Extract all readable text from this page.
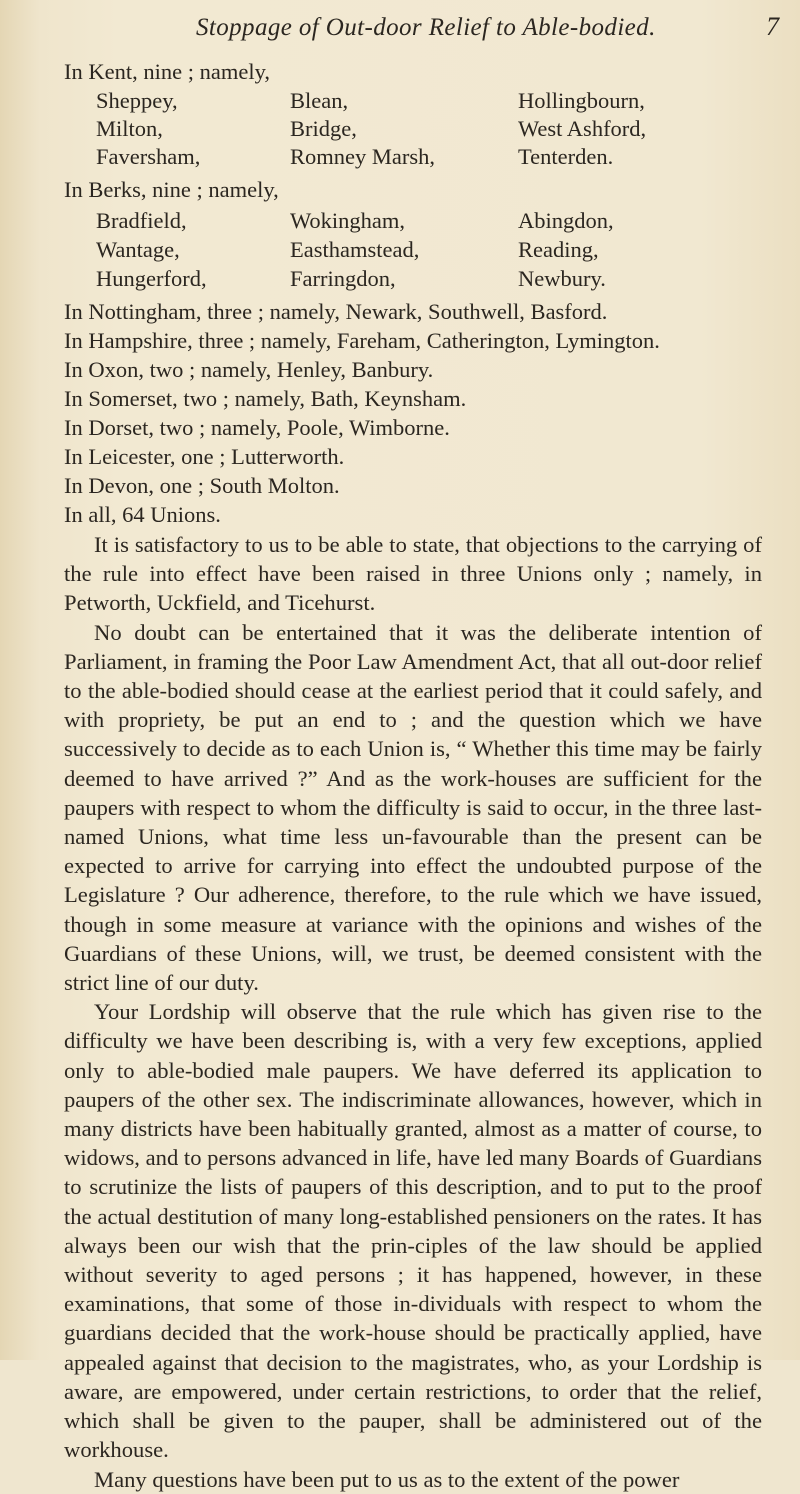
Stoppage of Out-door Relief to Able-bodied.	7
In Kent, nine ; namely,
Sheppey,	Blean,	Hollingbourn,
Milton,	Bridge,	West Ashford,
Faversham,	Romney Marsh,	Tenterden.
In Berks, nine ; namely,
Bradfield,	Wokingham,	Abingdon,
Wantage,	Easthamstead,	Reading,
Hungerford,	Farringdon,	Newbury.
In Nottingham, three ; namely, Newark, Southwell, Basford.
In Hampshire, three ; namely, Fareham, Catherington, Lymington.
In Oxon, two ; namely, Henley, Banbury.
In Somerset, two ; namely, Bath, Keynsham.
In Dorset, two ; namely, Poole, Wimborne.
In Leicester, one ; Lutterworth.
In Devon, one ; South Molton.
In all, 64 Unions.

It is satisfactory to us to be able to state, that objections to the carrying of the rule into effect have been raised in three Unions only ; namely, in Petworth, Uckfield, and Ticehurst.

No doubt can be entertained that it was the deliberate intention of Parliament, in framing the Poor Law Amendment Act, that all out-door relief to the able-bodied should cease at the earliest period that it could safely, and with propriety, be put an end to ; and the question which we have successively to decide as to each Union is, “ Whether this time may be fairly deemed to have arrived ?” And as the work-houses are sufficient for the paupers with respect to whom the difficulty is said to occur, in the three last-named Unions, what time less un-favourable than the present can be expected to arrive for carrying into effect the undoubted purpose of the Legislature ? Our adherence, therefore, to the rule which we have issued, though in some measure at variance with the opinions and wishes of the Guardians of these Unions, will, we trust, be deemed consistent with the strict line of our duty.

Your Lordship will observe that the rule which has given rise to the difficulty we have been describing is, with a very few exceptions, applied only to able-bodied male paupers. We have deferred its application to paupers of the other sex. The indiscriminate allowances, however, which in many districts have been habitually granted, almost as a matter of course, to widows, and to persons advanced in life, have led many Boards of Guardians to scrutinize the lists of paupers of this description, and to put to the proof the actual destitution of many long-established pensioners on the rates. It has always been our wish that the prin-ciples of the law should be applied without severity to aged persons ; it has happened, however, in these examinations, that some of those in-dividuals with respect to whom the guardians decided that the work-house should be practically applied, have appealed against that decision to the magistrates, who, as your Lordship is aware, are empowered, under certain restrictions, to order that the relief, which shall be given to the pauper, shall be administered out of the workhouse.

Many questions have been put to us as to the extent of the power
